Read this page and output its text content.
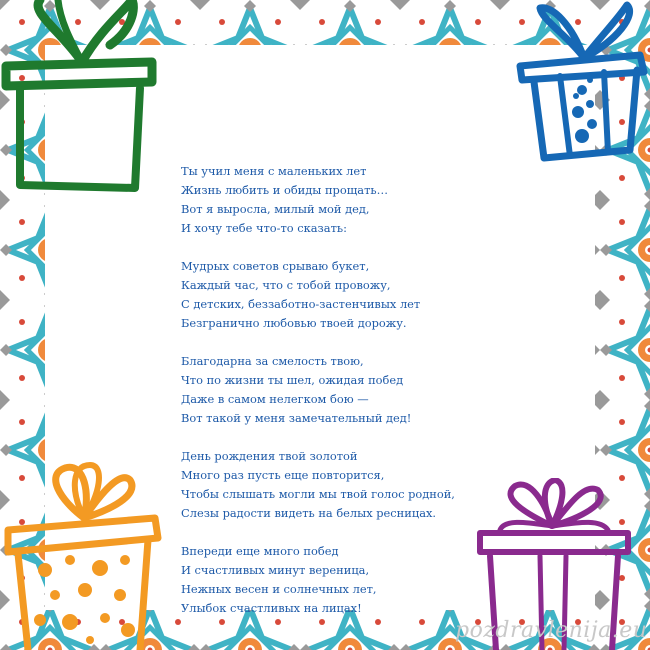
Ты учил меня с маленьких лет
Жизнь любить и обиды прощать…
Вот я выросла, милый мой дед,
И хочу тебе что-то сказать:
Мудрых советов срываю букет,
Каждый час, что с тобой провожу,
С детских, беззаботно-застенчивых лет
Безгранично любовью твоей дорожу.
Благодарна за смелость твою,
Что по жизни ты шел, ожидая побед
Даже в самом нелегком бою —
Вот такой у меня замечательный дед!
День рождения твой золотой
Много раз пусть еще повторится,
Чтобы слышать могли мы твой голос родной,
Слезы радости видеть на белых ресницах.
Впереди еще много побед
И счастливых минут вереница,
Нежных весен и солнечных лет,
Улыбок счастливых на лицах!
pozdravlenija.eu
